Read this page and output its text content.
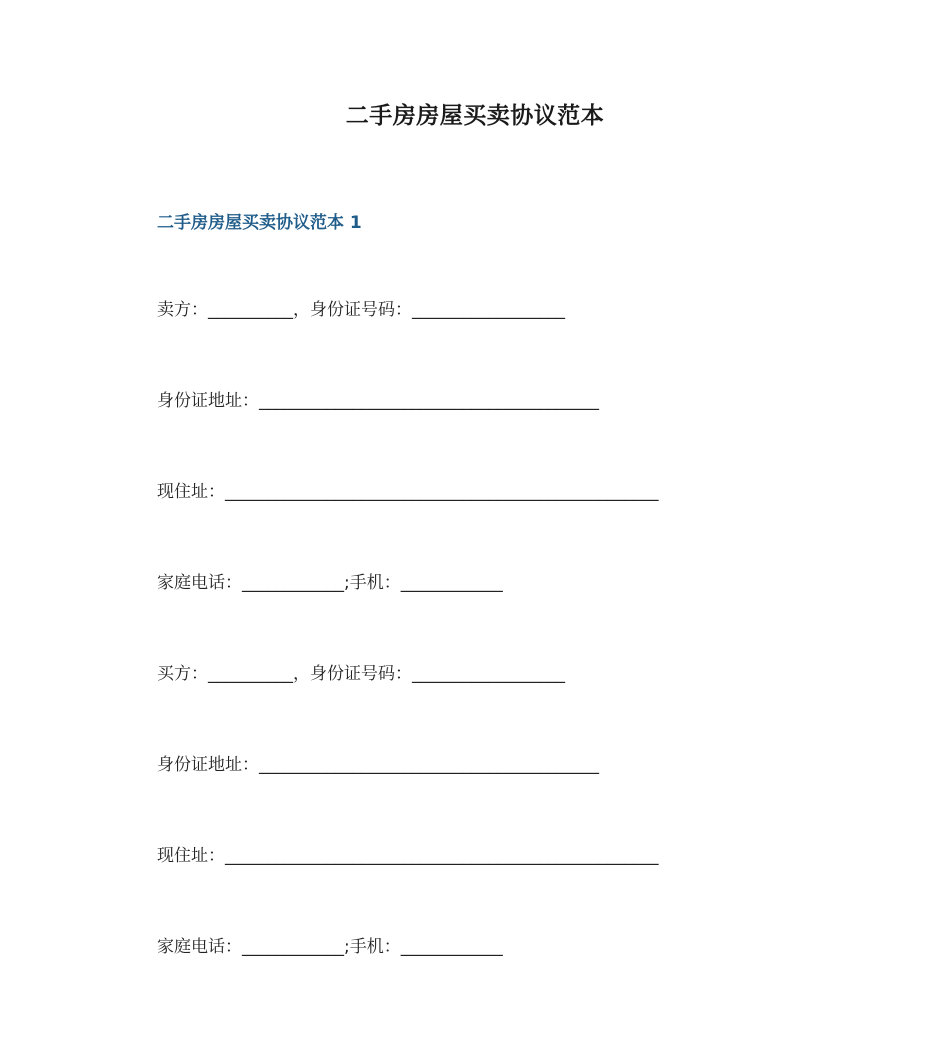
二手房房屋买卖协议范本
二手房房屋买卖协议范本 1

卖方：__________，身份证号码：__________________

身份证地址：________________________________________

现住址：___________________________________________________

家庭电话：____________;手机：____________

买方：__________，身份证号码：__________________

身份证地址：________________________________________

现住址：___________________________________________________

家庭电话：____________;手机：____________
